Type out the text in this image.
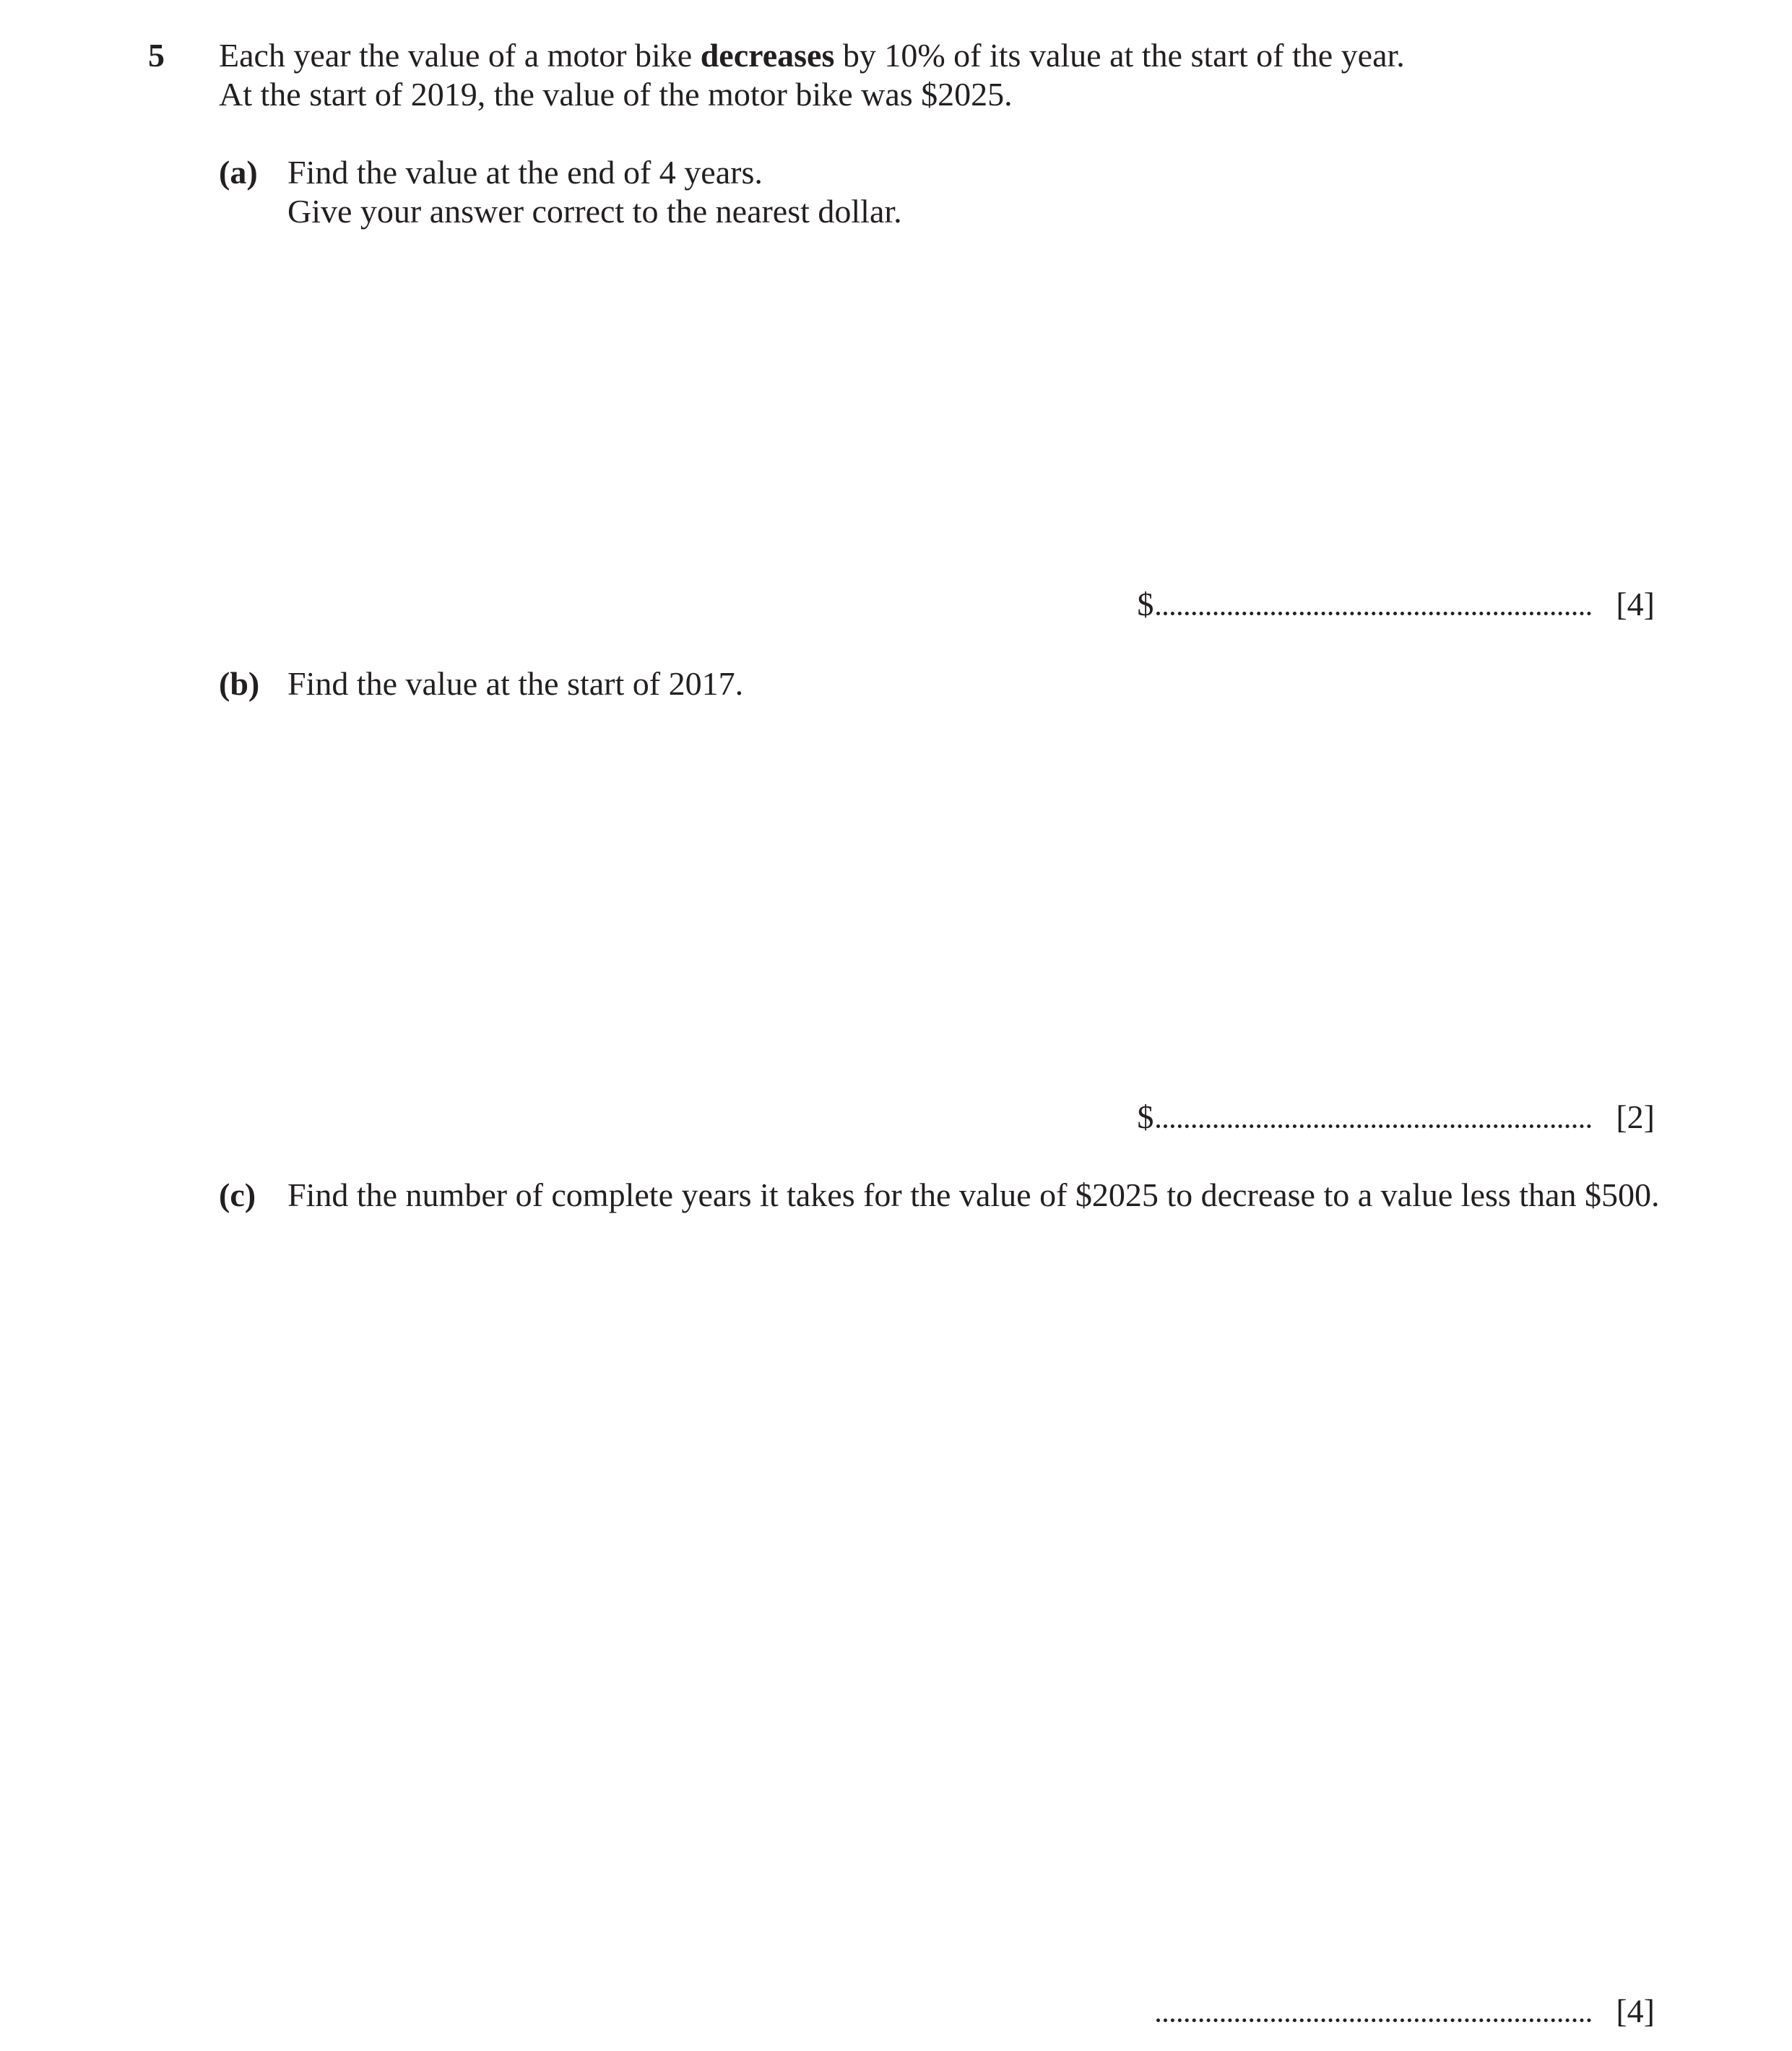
5 Each year the value of a motor bike decreases by 10% of its value at the start of the year.
At the start of 2019, the value of the motor bike was $2025.
(a) Find the value at the end of 4 years.
Give your answer correct to the nearest dollar.
$	[4]
(b) Find the value at the start of 2017.
$	[2]
(c) Find the number of complete years it takes for the value of $2025 to decrease to a value less than $500.
[4]
